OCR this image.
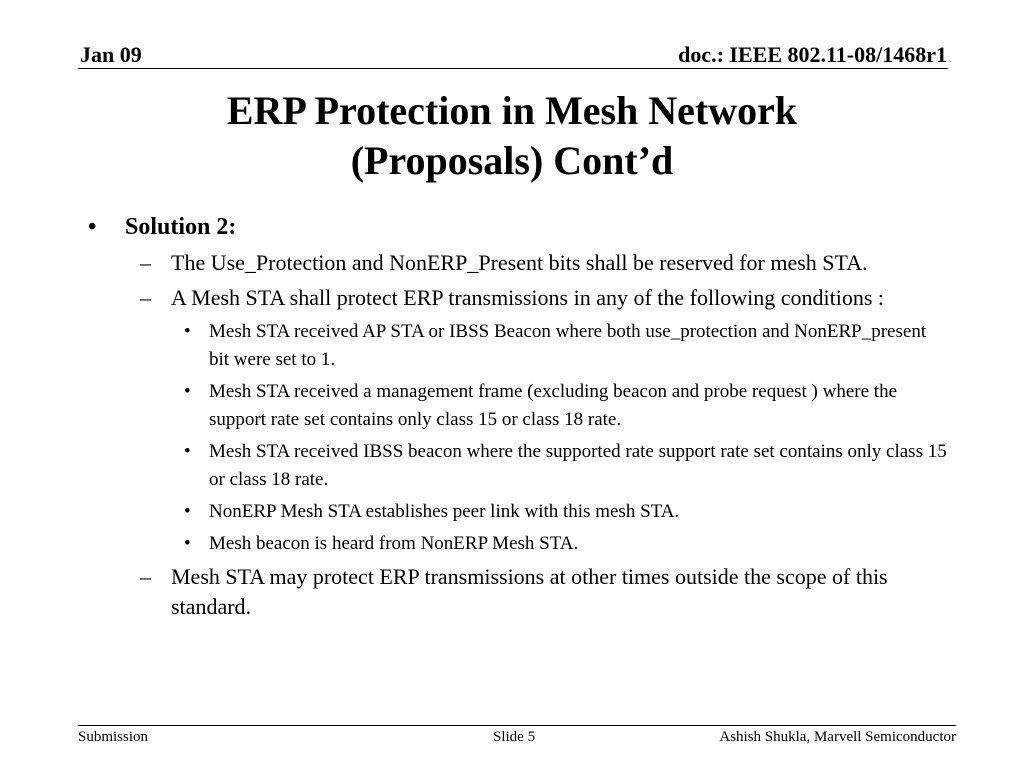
Jan 09	doc.: IEEE 802.11-08/1468r1
ERP Protection in Mesh Network
(Proposals) Cont’d
• Solution 2:
– The Use_Protection and NonERP_Present bits shall be reserved for mesh STA.
– A Mesh STA shall protect ERP transmissions in any of the following conditions :
• Mesh STA received AP STA or IBSS Beacon where both use_protection and NonERP_present bit were set to 1.
• Mesh STA received a management frame (excluding beacon and probe request ) where the support rate set contains only class 15 or class 18 rate.
• Mesh STA received IBSS beacon where the supported rate support rate set contains only class 15 or class 18 rate.
• NonERP Mesh STA establishes peer link with this mesh STA.
• Mesh beacon is heard from NonERP Mesh STA.
– Mesh STA may protect ERP transmissions at other times outside the scope of this standard.
Submission	Slide 5	Ashish Shukla, Marvell Semiconductor
